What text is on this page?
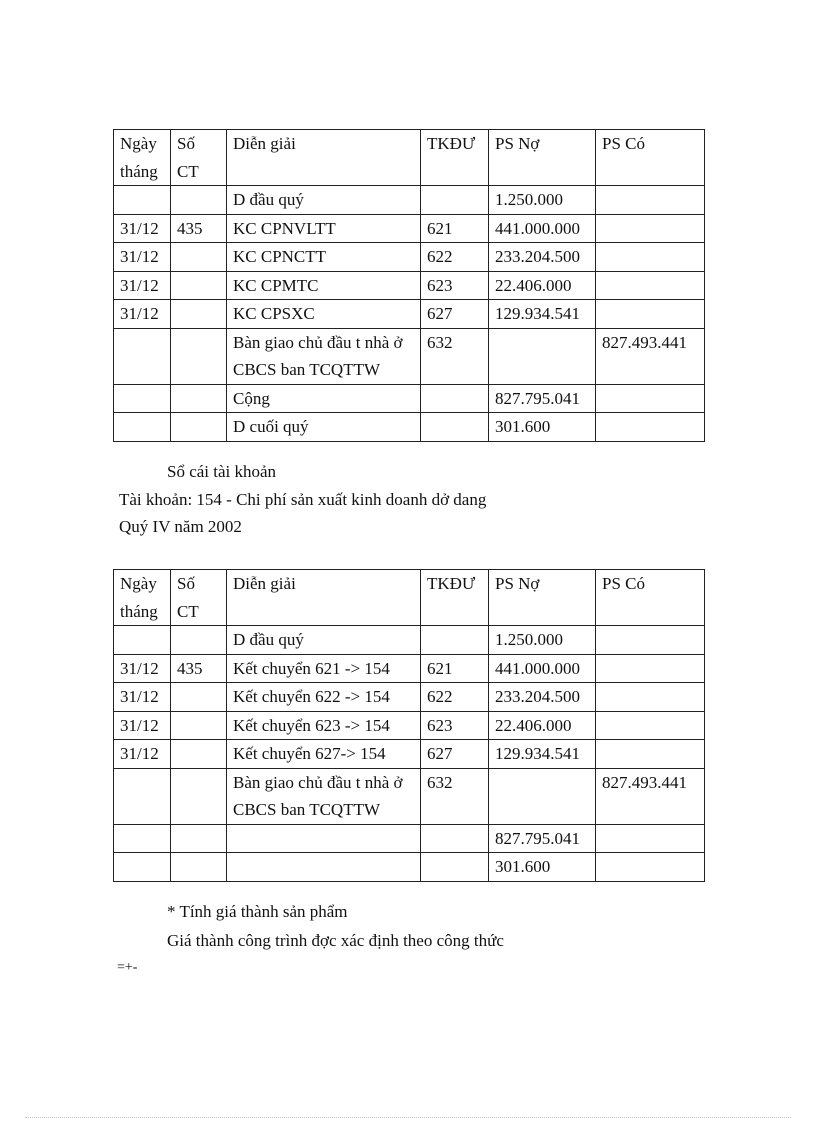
Ngày tháng	Số CT	Diễn giải	TKĐƯ	PS Nợ	PS Có
		D đầu quý		1.250.000	
31/12	435	KC CPNVLTT	621	441.000.000	
31/12		KC CPNCTT	622	233.204.500	
31/12		KC CPMTC	623	22.406.000	
31/12		KC CPSXC	627	129.934.541	
		Bàn giao chủ đầu t nhà ở CBCS ban TCQTTW	632		827.493.441
		Cộng		827.795.041	
		D cuối quý		301.600	
Sổ cái tài khoản
Tài khoản: 154 - Chi phí sản xuất kinh doanh dở dang
Quý IV năm 2002
Ngày tháng	Số CT	Diễn giải	TKĐƯ	PS Nợ	PS Có
		D đầu quý		1.250.000	
31/12	435	Kết chuyển 621 -> 154	621	441.000.000	
31/12		Kết chuyển 622 -> 154	622	233.204.500	
31/12		Kết chuyển 623 -> 154	623	22.406.000	
31/12		Kết chuyển 627-> 154	627	129.934.541	
		Bàn giao chủ đầu t nhà ở CBCS ban TCQTTW	632		827.493.441
				827.795.041	
				301.600	
* Tính giá thành sản phẩm
Giá thành công trình đợc xác định theo công thức
=+-
